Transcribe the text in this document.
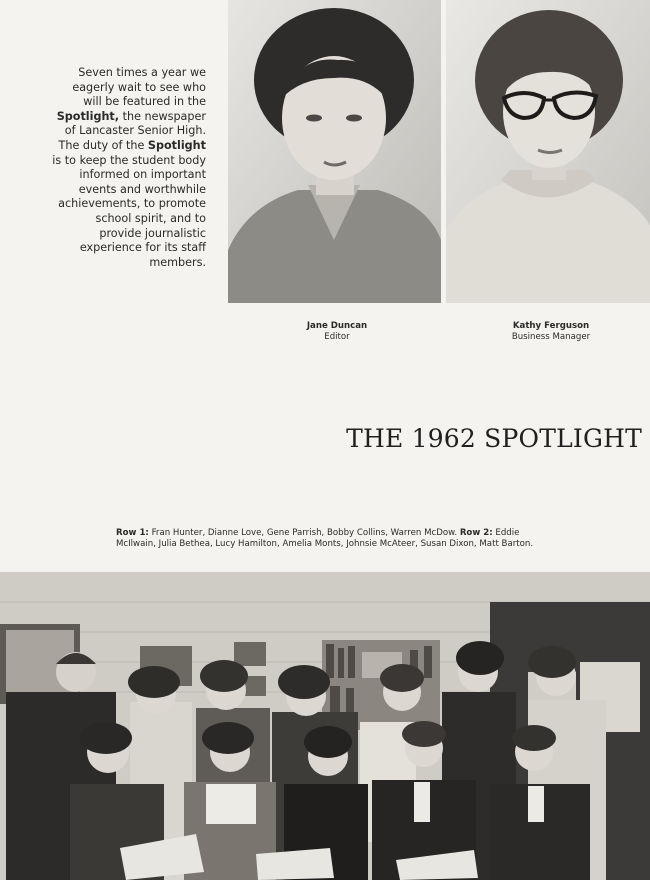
Seven times a year we eagerly wait to see who will be featured in the Spotlight, the newspaper of Lancaster Senior High. The duty of the Spotlight is to keep the student body informed on important events and worthwhile achievements, to promote school spirit, and to provide journalistic experience for its staff members.

Jane Duncan
Editor
Kathy Ferguson
Business Manager
THE 1962 SPOTLIGHT

Row 1: Fran Hunter, Dianne Love, Gene Parrish, Bobby Collins, Warren McDow. Row 2: Eddie McIlwain, Julia Bethea, Lucy Hamilton, Amelia Monts, Johnsie McAteer, Susan Dixon, Matt Barton.
